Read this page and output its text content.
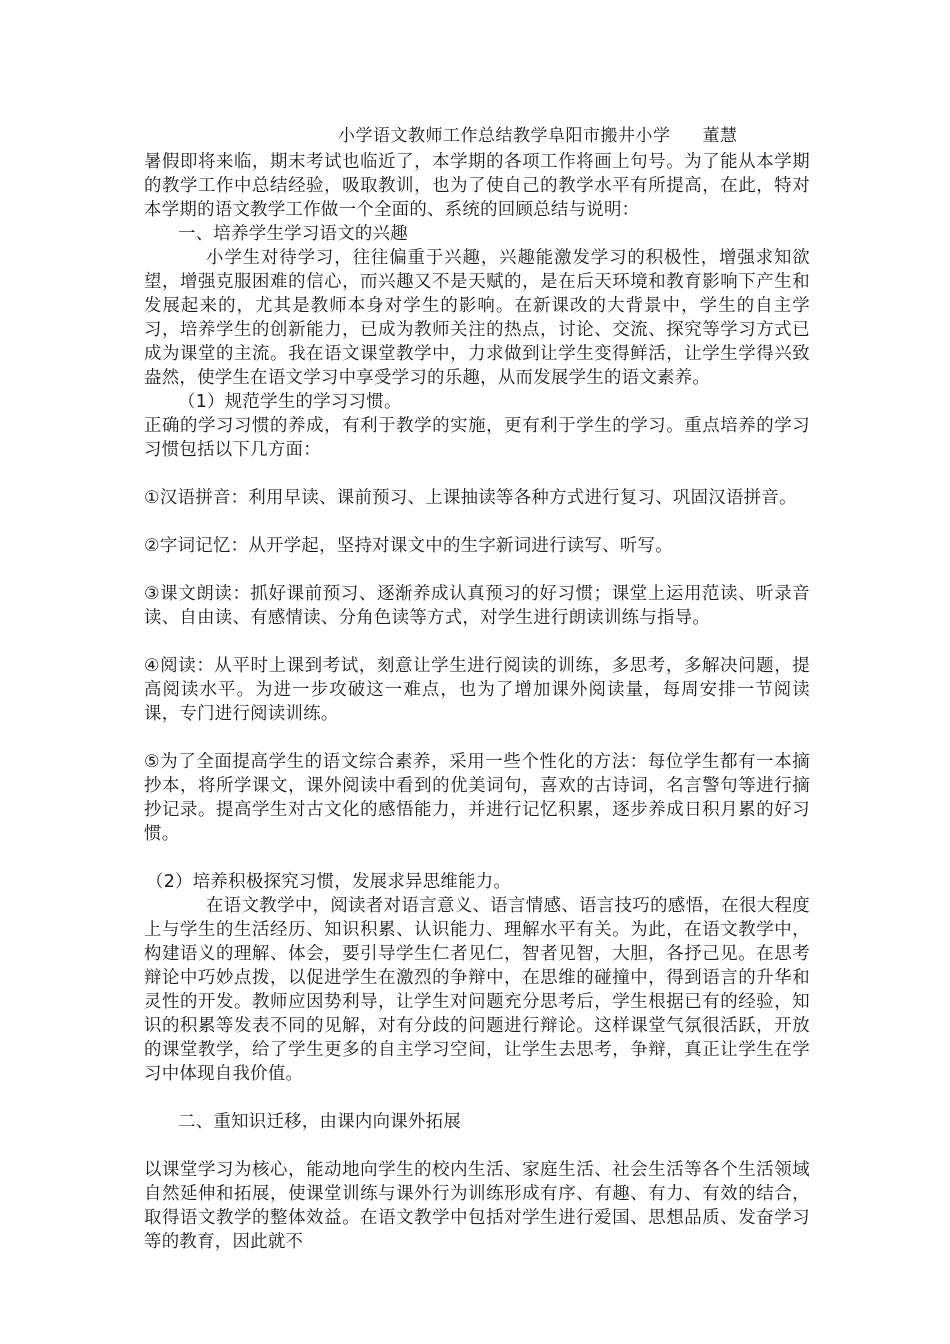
小学语文教师工作总结教学阜阳市搬井小学 董慧

暑假即将来临，期末考试也临近了，本学期的各项工作将画上句号。为了能从本学期的教学工作中总结经验，吸取教训，也为了使自己的教学水平有所提高，在此，特对本学期的语文教学工作做一个全面的、系统的回顾总结与说明：

一、培养学生学习语文的兴趣

小学生对待学习，往往偏重于兴趣，兴趣能激发学习的积极性，增强求知欲望，增强克服困难的信心，而兴趣又不是天赋的，是在后天环境和教育影响下产生和发展起来的，尤其是教师本身对学生的影响。在新课改的大背景中，学生的自主学习，培养学生的创新能力，已成为教师关注的热点，讨论、交流、探究等学习方式已成为课堂的主流。我在语文课堂教学中，力求做到让学生变得鲜活，让学生学得兴致盎然，使学生在语文学习中享受学习的乐趣，从而发展学生的语文素养。

（1）规范学生的学习习惯。

正确的学习习惯的养成，有利于教学的实施，更有利于学生的学习。重点培养的学习习惯包括以下几方面：

①汉语拼音：利用早读、课前预习、上课抽读等各种方式进行复习、巩固汉语拼音。

②字词记忆：从开学起，坚持对课文中的生字新词进行读写、听写。

③课文朗读：抓好课前预习、逐渐养成认真预习的好习惯；课堂上运用范读、听录音读、自由读、有感情读、分角色读等方式，对学生进行朗读训练与指导。

④阅读：从平时上课到考试，刻意让学生进行阅读的训练，多思考，多解决问题，提高阅读水平。为进一步攻破这一难点，也为了增加课外阅读量，每周安排一节阅读课，专门进行阅读训练。

⑤为了全面提高学生的语文综合素养，采用一些个性化的方法：每位学生都有一本摘抄本，将所学课文，课外阅读中看到的优美词句，喜欢的古诗词，名言警句等进行摘抄记录。提高学生对古文化的感悟能力，并进行记忆积累，逐步养成日积月累的好习惯。

（2）培养积极探究习惯，发展求异思维能力。

在语文教学中，阅读者对语言意义、语言情感、语言技巧的感悟，在很大程度上与学生的生活经历、知识积累、认识能力、理解水平有关。为此，在语文教学中，构建语义的理解、体会，要引导学生仁者见仁，智者见智，大胆，各抒己见。在思考辩论中巧妙点拨，以促进学生在激烈的争辩中，在思维的碰撞中，得到语言的升华和灵性的开发。教师应因势利导，让学生对问题充分思考后，学生根据已有的经验，知识的积累等发表不同的见解，对有分歧的问题进行辩论。这样课堂气氛很活跃，开放的课堂教学，给了学生更多的自主学习空间，让学生去思考，争辩，真正让学生在学习中体现自我价值。

二、重知识迁移，由课内向课外拓展

以课堂学习为核心，能动地向学生的校内生活、家庭生活、社会生活等各个生活领域自然延伸和拓展，使课堂训练与课外行为训练形成有序、有趣、有力、有效的结合，取得语文教学的整体效益。在语文教学中包括对学生进行爱国、思想品质、发奋学习等的教育，因此就不
